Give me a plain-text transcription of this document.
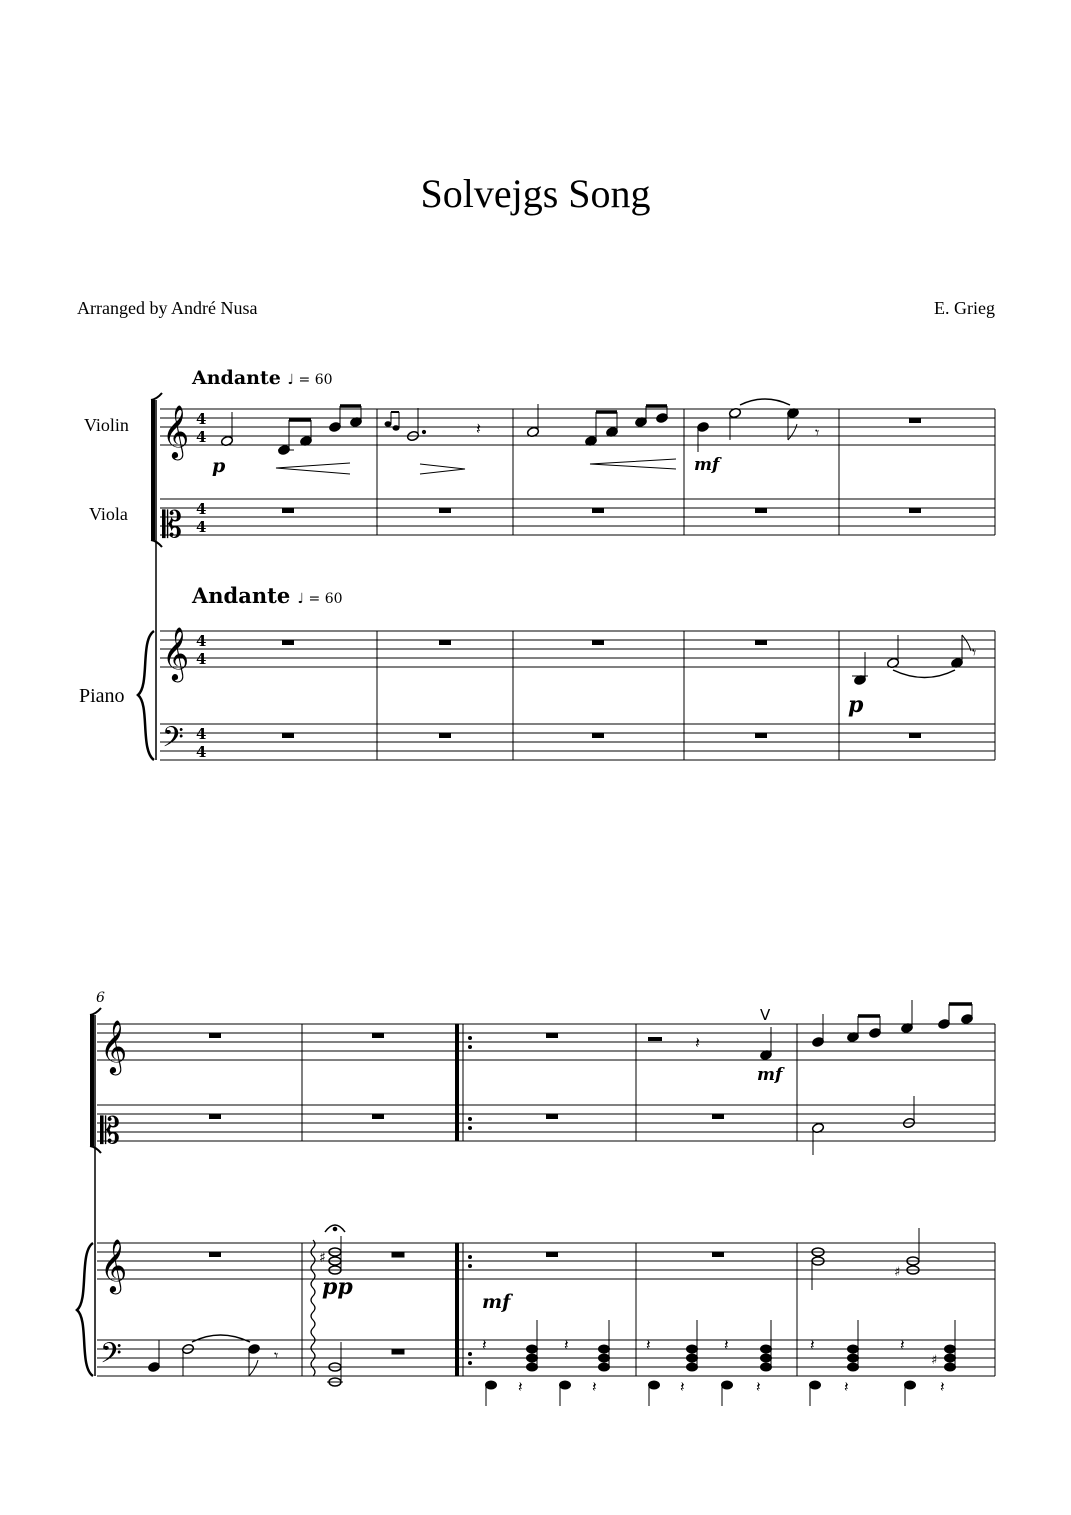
Solvejgs Song
Arranged by André Nusa	E. Grieg
Andante ♩ = 60
Andante ♩ = 60
Violin
Viola
Piano
6
𝄞
𝄡
𝄞
𝄢
4
4
4
4
4
4
4
4
𝄽	𝄾
𝄾
p	mf
p
𝄞
𝄡
𝄞
𝄢
𝄽
V
𝄾
♯
𝄽	𝄽
𝄽	𝄽
𝄽	𝄽
𝄽	𝄽
𝄽	𝄽
♯
𝄽	𝄽
♯
mf
pp
mf
